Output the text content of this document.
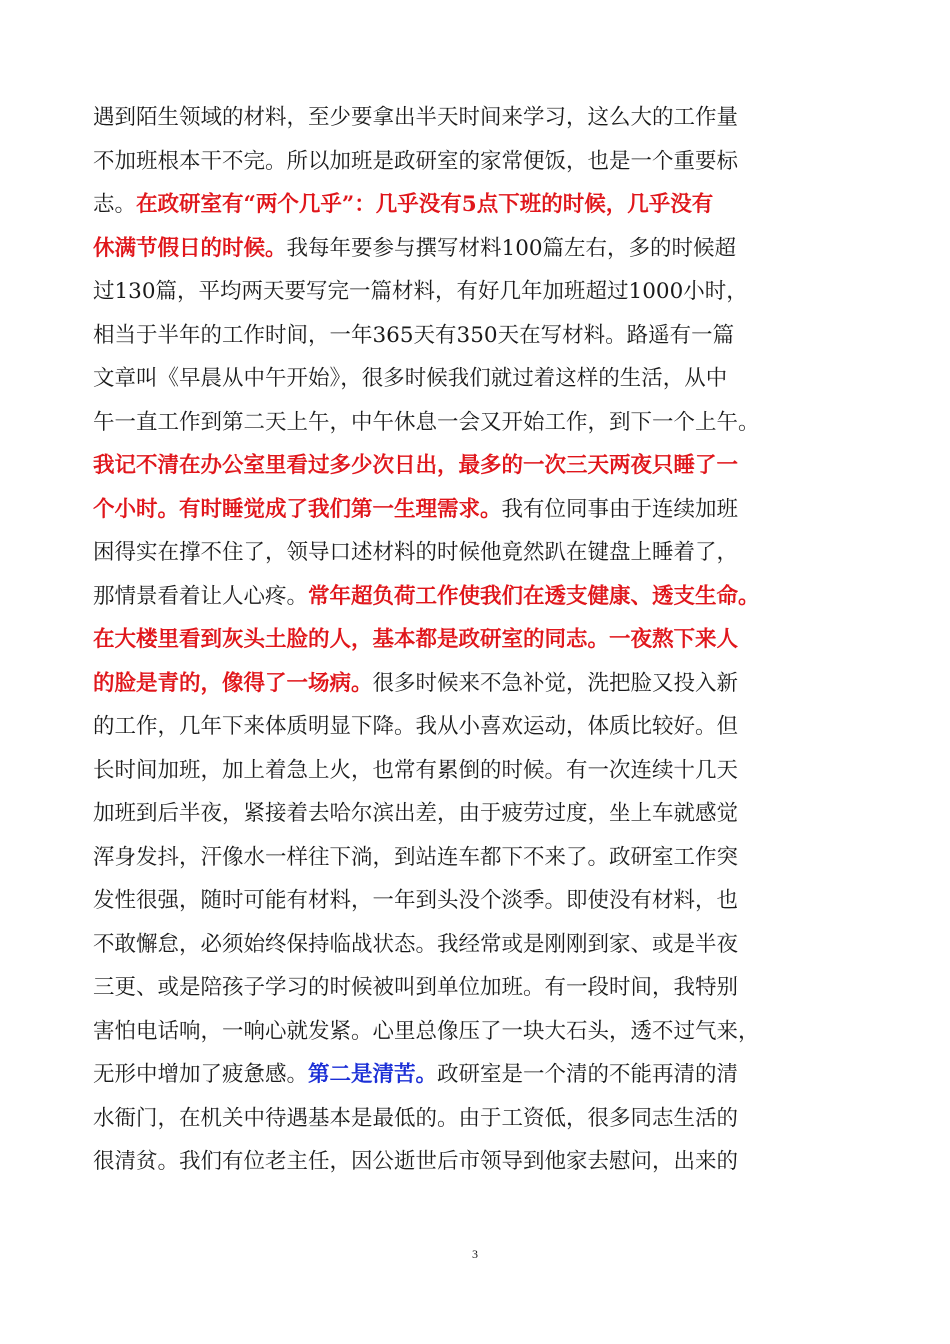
遇到陌生领域的材料，至少要拿出半天时间来学习，这么大的工作量
不加班根本干不完。所以加班是政研室的家常便饭，也是一个重要标
志。在政研室有“两个几乎”：几乎没有5点下班的时候，几乎没有
休满节假日的时候。我每年要参与撰写材料100篇左右，多的时候超
过130篇，平均两天要写完一篇材料，有好几年加班超过1000小时，
相当于半年的工作时间，一年365天有350天在写材料。路遥有一篇
文章叫《早晨从中午开始》，很多时候我们就过着这样的生活，从中
午一直工作到第二天上午，中午休息一会又开始工作，到下一个上午。
我记不清在办公室里看过多少次日出，最多的一次三天两夜只睡了一
个小时。有时睡觉成了我们第一生理需求。我有位同事由于连续加班
困得实在撑不住了，领导口述材料的时候他竟然趴在键盘上睡着了，
那情景看着让人心疼。常年超负荷工作使我们在透支健康、透支生命。
在大楼里看到灰头土脸的人，基本都是政研室的同志。一夜熬下来人
的脸是青的，像得了一场病。很多时候来不急补觉，洗把脸又投入新
的工作，几年下来体质明显下降。我从小喜欢运动，体质比较好。但
长时间加班，加上着急上火，也常有累倒的时候。有一次连续十几天
加班到后半夜，紧接着去哈尔滨出差，由于疲劳过度，坐上车就感觉
浑身发抖，汗像水一样往下淌，到站连车都下不来了。政研室工作突
发性很强，随时可能有材料，一年到头没个淡季。即使没有材料，也
不敢懈怠，必须始终保持临战状态。我经常或是刚刚到家、或是半夜
三更、或是陪孩子学习的时候被叫到单位加班。有一段时间，我特别
害怕电话响，一响心就发紧。心里总像压了一块大石头，透不过气来，
无形中增加了疲惫感。第二是清苦。政研室是一个清的不能再清的清
水衙门，在机关中待遇基本是最低的。由于工资低，很多同志生活的
很清贫。我们有位老主任，因公逝世后市领导到他家去慰问，出来的
3
